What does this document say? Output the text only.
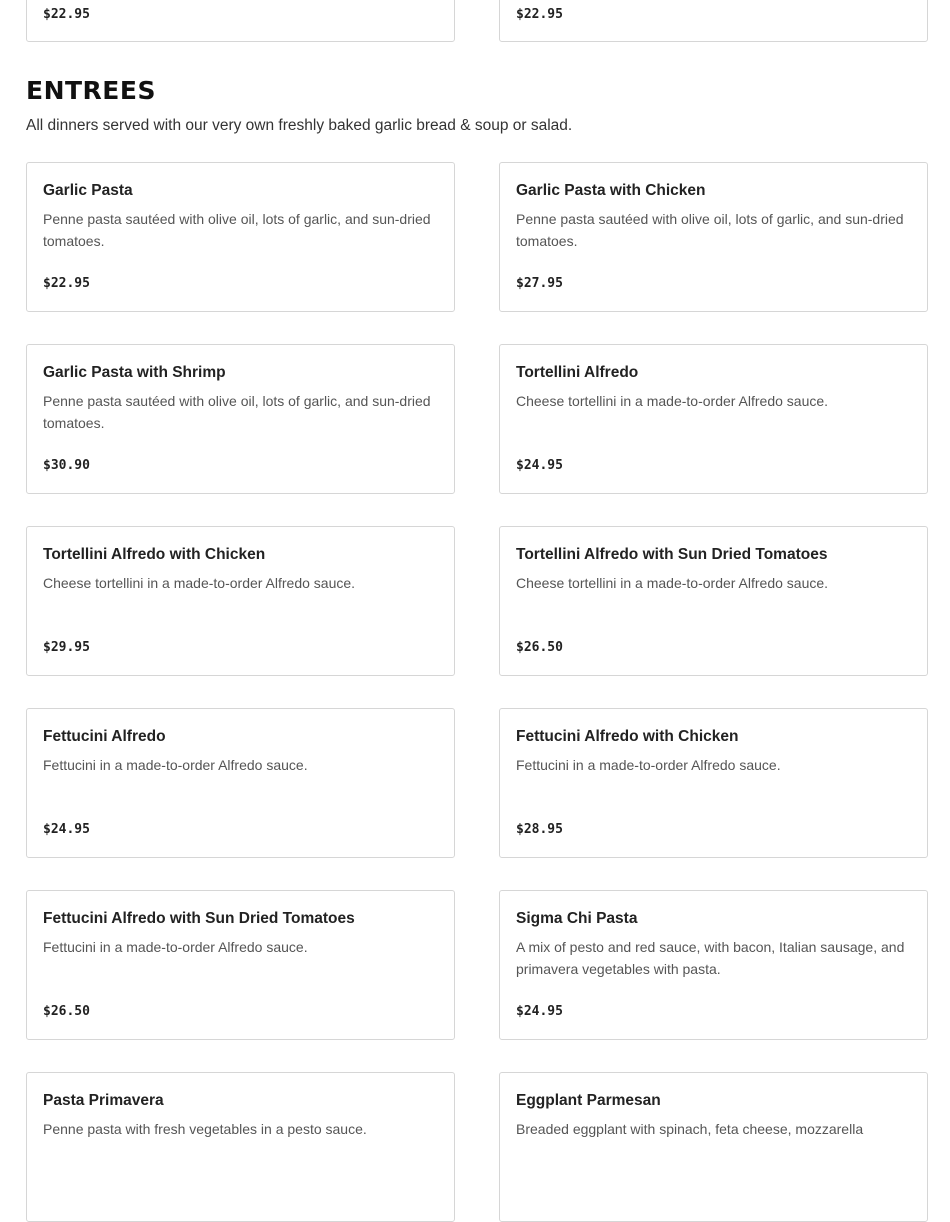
$22.95	$22.95
ENTREES
All dinners served with our very own freshly baked garlic bread & soup or salad.
Garlic Pasta
Penne pasta sautéed with olive oil, lots of garlic, and sun-dried tomatoes.
$22.95
Garlic Pasta with Chicken
Penne pasta sautéed with olive oil, lots of garlic, and sun-dried tomatoes.
$27.95
Garlic Pasta with Shrimp
Penne pasta sautéed with olive oil, lots of garlic, and sun-dried tomatoes.
$30.90
Tortellini Alfredo
Cheese tortellini in a made-to-order Alfredo sauce.
$24.95
Tortellini Alfredo with Chicken
Cheese tortellini in a made-to-order Alfredo sauce.
$29.95
Tortellini Alfredo with Sun Dried Tomatoes
Cheese tortellini in a made-to-order Alfredo sauce.
$26.50
Fettucini Alfredo
Fettucini in a made-to-order Alfredo sauce.
$24.95
Fettucini Alfredo with Chicken
Fettucini in a made-to-order Alfredo sauce.
$28.95
Fettucini Alfredo with Sun Dried Tomatoes
Fettucini in a made-to-order Alfredo sauce.
$26.50
Sigma Chi Pasta
A mix of pesto and red sauce, with bacon, Italian sausage, and primavera vegetables with pasta.
$24.95
Pasta Primavera
Penne pasta with fresh vegetables in a pesto sauce.
Eggplant Parmesan
Breaded eggplant with spinach, feta cheese, mozzarella
